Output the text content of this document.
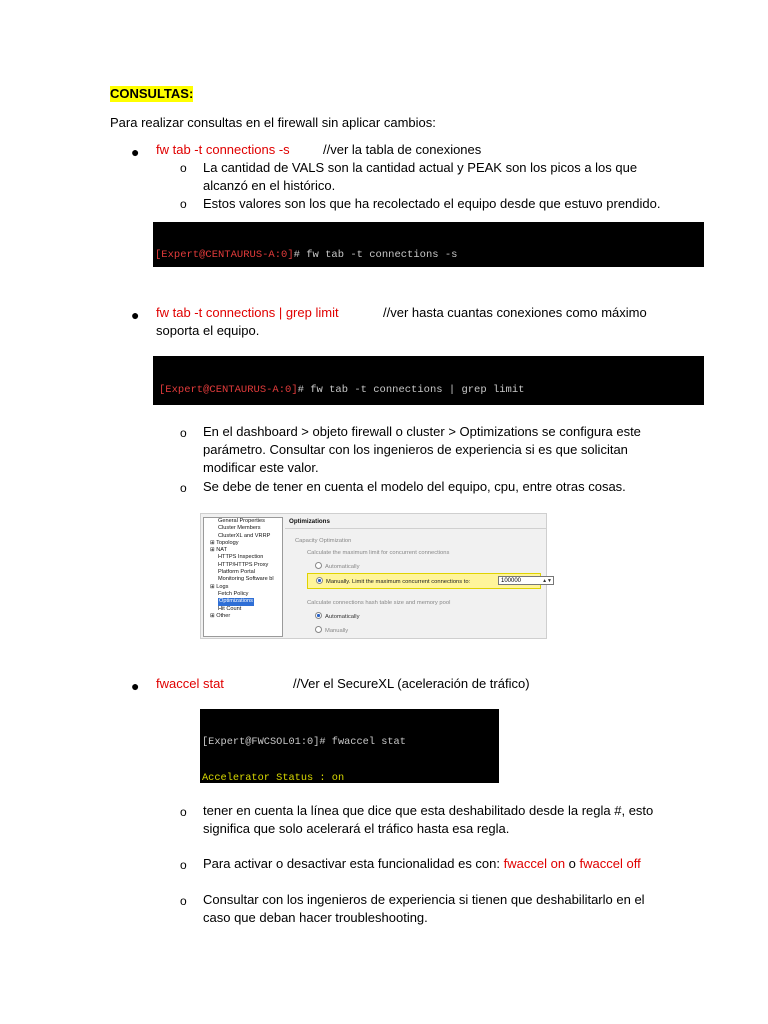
CONSULTAS:
Para realizar consultas en el firewall sin aplicar cambios:
● fw tab -t connections -s	//ver la tabla de conexiones
o La cantidad de VALS son la cantidad actual y PEAK son los picos a los que
alcanzó en el histórico.
o Estos valores son los que ha recolectado el equipo desde que estuvo prendido.

[Expert@CENTAURUS-A:0]# fw tab -t connections -s

● fw tab -t connections | grep limit	//ver hasta cuantas conexiones como máximo
soporta el equipo.

[Expert@CENTAURUS-A:0]# fw tab -t connections | grep limit

o En el dashboard > objeto firewall o cluster > Optimizations se configura este
parámetro. Consultar con los ingenieros de experiencia si es que solicitan
modificar este valor.
o Se debe de tener en cuenta el modelo del equipo, cpu, entre otras cosas.
General Properties
Cluster Members
ClusterXL and VRRP
⊞ Topology
⊞ NAT
HTTPS Inspection
HTTP/HTTPS Proxy
Platform Portal
Monitoring Software bl
⊞ Logs
Fetch Policy
Optimizations
Hit Count
⊞ Other
Optimizations
Capacity Optimization
Calculate the maximum limit for concurrent connections
Automatically
Manually. Limit the maximum concurrent connections to:	100000	▲▼
Calculate connections hash table size and memory pool
Automatically
Manually
● fwaccel stat	//Ver el SecureXL (aceleración de tráfico)

[Expert@FWCSOL01:0]# fwaccel stat

Accelerator Status : on

o tener en cuenta la línea que dice que esta deshabilitado desde la regla #, esto
significa que solo acelerará el tráfico hasta esa regla.
o Para activar o desactivar esta funcionalidad es con: fwaccel on o fwaccel off
o Consultar con los ingenieros de experiencia si tienen que deshabilitarlo en el
caso que deban hacer troubleshooting.
